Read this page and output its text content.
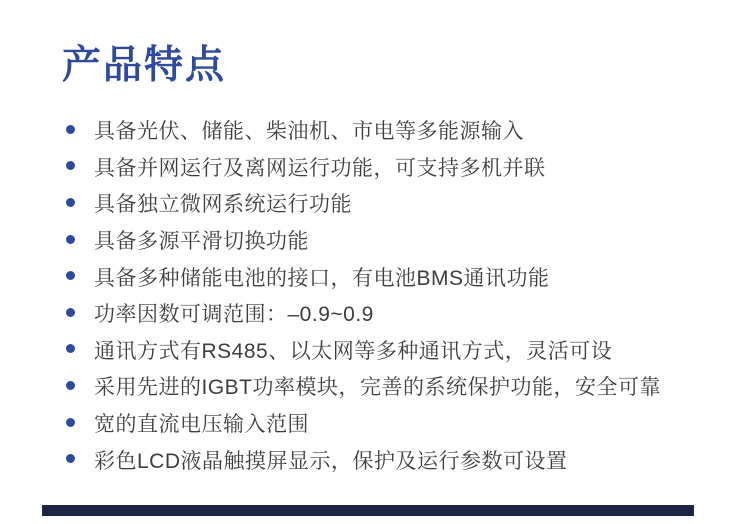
产品特点
具备光伏、储能、柴油机、市电等多能源输入
具备并网运行及离网运行功能，可支持多机并联
具备独立微网系统运行功能
具备多源平滑切换功能
具备多种储能电池的接口，有电池BMS通讯功能
功率因数可调范围：–0.9~0.9
通讯方式有RS485、以太网等多种通讯方式，灵活可设
采用先进的IGBT功率模块，完善的系统保护功能，安全可靠
宽的直流电压输入范围
彩色LCD液晶触摸屏显示，保护及运行参数可设置
